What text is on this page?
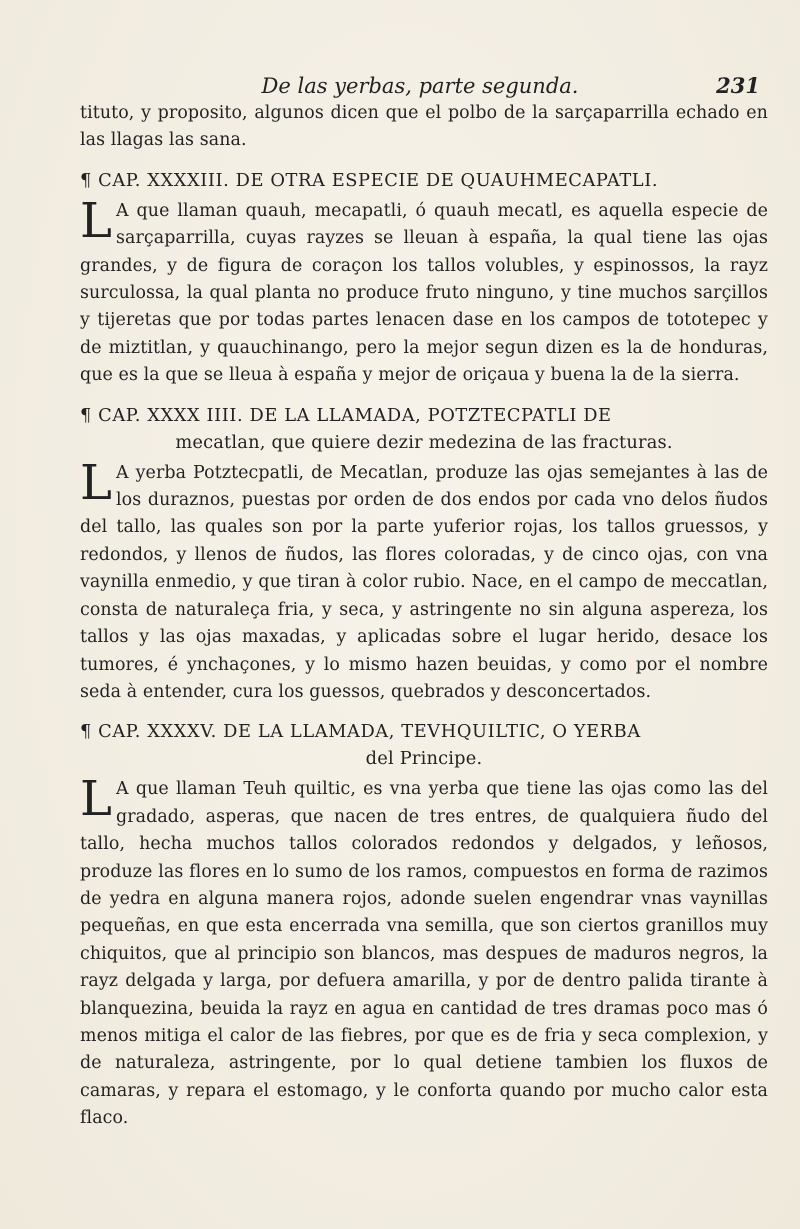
De las yerbas, parte segunda.	231

tituto, y proposito, algunos dicen que el polbo de la sarçaparrilla echado en las llagas las sana.

¶ CAP. XXXXIII. DE OTRA ESPECIE DE QUAUHMECAPATLI.

L A que llaman quauh, mecapatli, ó quauh mecatl, es aquella especie de sarçaparrilla, cuyas rayzes se lleuan à españa, la qual tiene las ojas grandes, y de figura de coraçon los tallos volubles, y espinossos, la rayz surculossa, la qual planta no produce fruto ninguno, y tine muchos sarçillos y tijeretas que por todas partes lenacen dase en los campos de tototepec y de miztitlan, y quauchinango, pero la mejor segun dizen es la de honduras, que es la que se lleua à españa y mejor de oriçaua y buena la de la sierra.

¶ CAP. XXXX IIII. DE LA LLAMADA, POTZTECPATLI DE
mecatlan, que quiere dezir medezina de las fracturas.

L A yerba Potztecpatli, de Mecatlan, produze las ojas semejantes à las de los duraznos, puestas por orden de dos endos por cada vno delos ñudos del tallo, las quales son por la parte yuferior rojas, los tallos gruessos, y redondos, y llenos de ñudos, las flores coloradas, y de cinco ojas, con vna vaynilla enmedio, y que tiran à color rubio. Nace, en el campo de meccatlan, consta de naturaleça fria, y seca, y astringente no sin alguna aspereza, los tallos y las ojas maxadas, y aplicadas sobre el lugar herido, desace los tumores, é ynchaçones, y lo mismo hazen beuidas, y como por el nombre seda à entender, cura los guessos, quebrados y desconcertados.

¶ CAP. XXXXV. DE LA LLAMADA, TEVHQUILTIC, O YERBA
del Principe.

L A que llaman Teuh quiltic, es vna yerba que tiene las ojas como las del gradado, asperas, que nacen de tres entres, de qualquiera ñudo del tallo, hecha muchos tallos colorados redondos y delgados, y leñosos, produze las flores en lo sumo de los ramos, compuestos en forma de razimos de yedra en alguna manera rojos, adonde suelen engendrar vnas vaynillas pequeñas, en que esta encerrada vna semilla, que son ciertos granillos muy chiquitos, que al principio son blancos, mas despues de maduros negros, la rayz delgada y larga, por defuera amarilla, y por de dentro palida tirante à blanquezina, beuida la rayz en agua en cantidad de tres dramas poco mas ó menos mitiga el calor de las fiebres, por que es de fria y seca complexion, y de naturaleza, astringente, por lo qual detiene tambien los fluxos de camaras, y repara el estomago, y le conforta quando por mucho calor esta flaco.
